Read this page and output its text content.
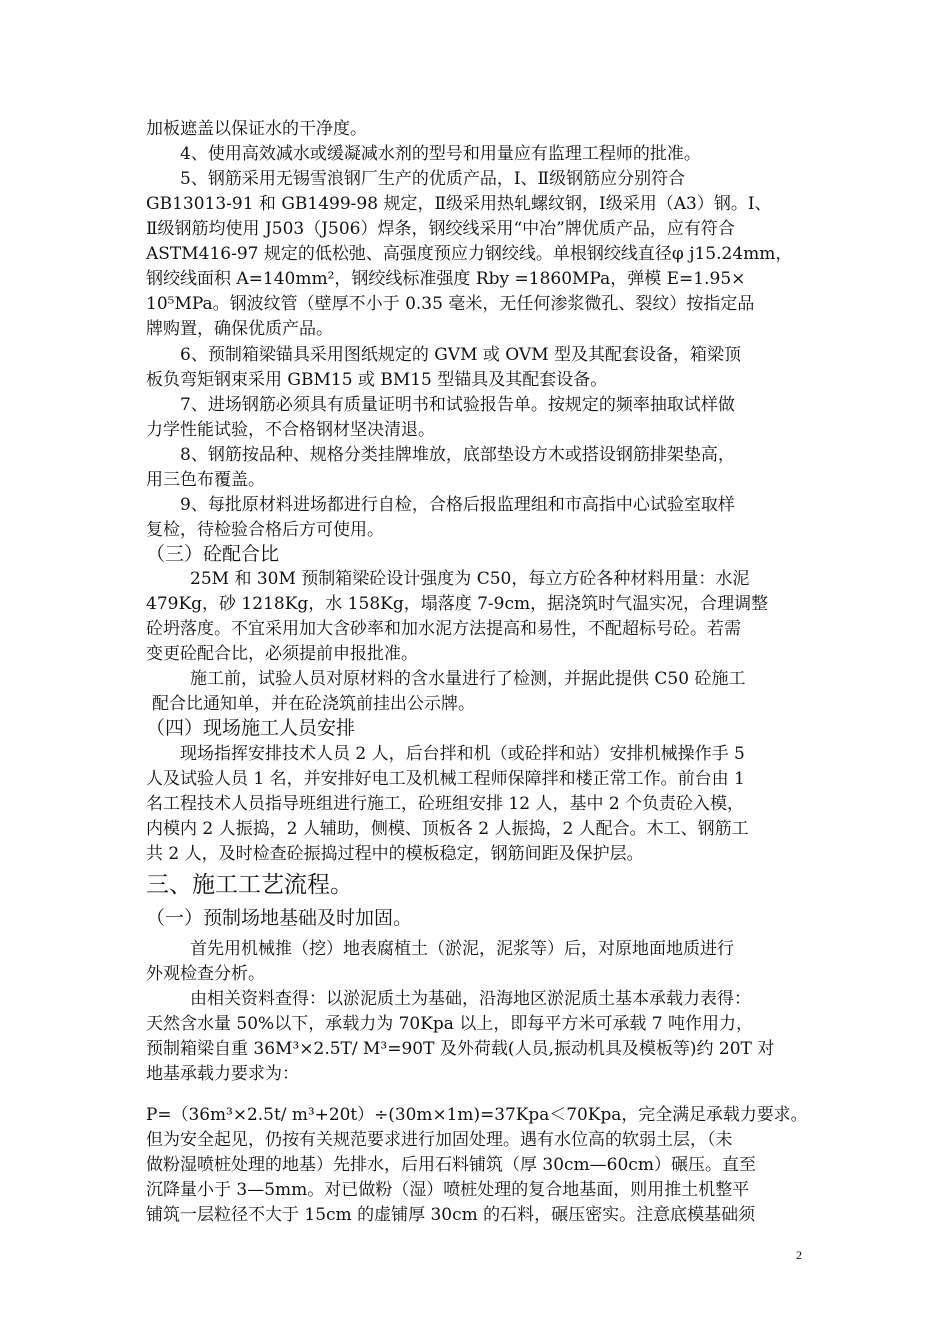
加板遮盖以保证水的干净度。
4、使用高效减水或缓凝减水剂的型号和用量应有监理工程师的批准。
5、钢筋采用无锡雪浪钢厂生产的优质产品，Ⅰ、Ⅱ级钢筋应分别符合
GB13013-91 和 GB1499-98 规定，Ⅱ级采用热轧螺纹钢，Ⅰ级采用（A3）钢。Ⅰ、
Ⅱ级钢筋均使用 J503（J506）焊条，钢绞线采用“中冶”牌优质产品，应有符合
ASTM416-97 规定的低松弛、高强度预应力钢绞线。单根钢绞线直径φ j15.24mm，
钢绞线面积 A=140mm²，钢绞线标准强度 Rby =1860MPa，弹模 E=1.95×
10⁵MPa。钢波纹管（壁厚不小于 0.35 毫米，无任何渗浆微孔、裂纹）按指定品
牌购置，确保优质产品。
6、预制箱梁锚具采用图纸规定的 GVM 或 OVM 型及其配套设备，箱梁顶
板负弯矩钢束采用 GBM15 或 BM15 型锚具及其配套设备。
7、进场钢筋必须具有质量证明书和试验报告单。按规定的频率抽取试样做
力学性能试验，不合格钢材坚决清退。
8、钢筋按品种、规格分类挂牌堆放，底部垫设方木或搭设钢筋排架垫高，
用三色布覆盖。
9、每批原材料进场都进行自检，合格后报监理组和市高指中心试验室取样
复检，待检验合格后方可使用。
（三）砼配合比
25M 和 30M 预制箱梁砼设计强度为 C50，每立方砼各种材料用量：水泥
479Kg，砂 1218Kg，水 158Kg，塌落度 7-9cm，据浇筑时气温实况，合理调整
砼坍落度。不宜采用加大含砂率和加水泥方法提高和易性，不配超标号砼。若需
变更砼配合比，必须提前申报批准。
施工前，试验人员对原材料的含水量进行了检测，并据此提供 C50 砼施工
配合比通知单，并在砼浇筑前挂出公示牌。
（四）现场施工人员安排
现场指挥安排技术人员 2 人，后台拌和机（或砼拌和站）安排机械操作手 5
人及试验人员 1 名，并安排好电工及机械工程师保障拌和楼正常工作。前台由 1
名工程技术人员指导班组进行施工，砼班组安排 12 人，基中 2 个负责砼入模，
内模内 2 人振捣，2 人辅助，侧模、顶板各 2 人振捣，2 人配合。木工、钢筋工
共 2 人，及时检查砼振捣过程中的模板稳定，钢筋间距及保护层。
三、施工工艺流程。
（一）预制场地基础及时加固。
首先用机械推（挖）地表腐植土（淤泥，泥浆等）后，对原地面地质进行
外观检查分析。
由相关资料查得：以淤泥质土为基础，沿海地区淤泥质土基本承载力表得：
天然含水量 50%以下，承载力为 70Kpa 以上，即每平方米可承载 7 吨作用力，
预制箱梁自重 36M³×2.5T/ M³=90T 及外荷载(人员,振动机具及模板等)约 20T 对
地基承载力要求为：
P=（36m³×2.5t/ m³+20t）÷(30m×1m)=37Kpa＜70Kpa，完全满足承载力要求。
但为安全起见，仍按有关规范要求进行加固处理。遇有水位高的软弱土层，（未
做粉湿喷桩处理的地基）先排水，后用石料铺筑（厚 30cm—60cm）碾压。直至
沉降量小于 3—5mm。对已做粉（湿）喷桩处理的复合地基面，则用推土机整平
铺筑一层粒径不大于 15cm 的虚铺厚 30cm 的石料，碾压密实。注意底模基础须
2
